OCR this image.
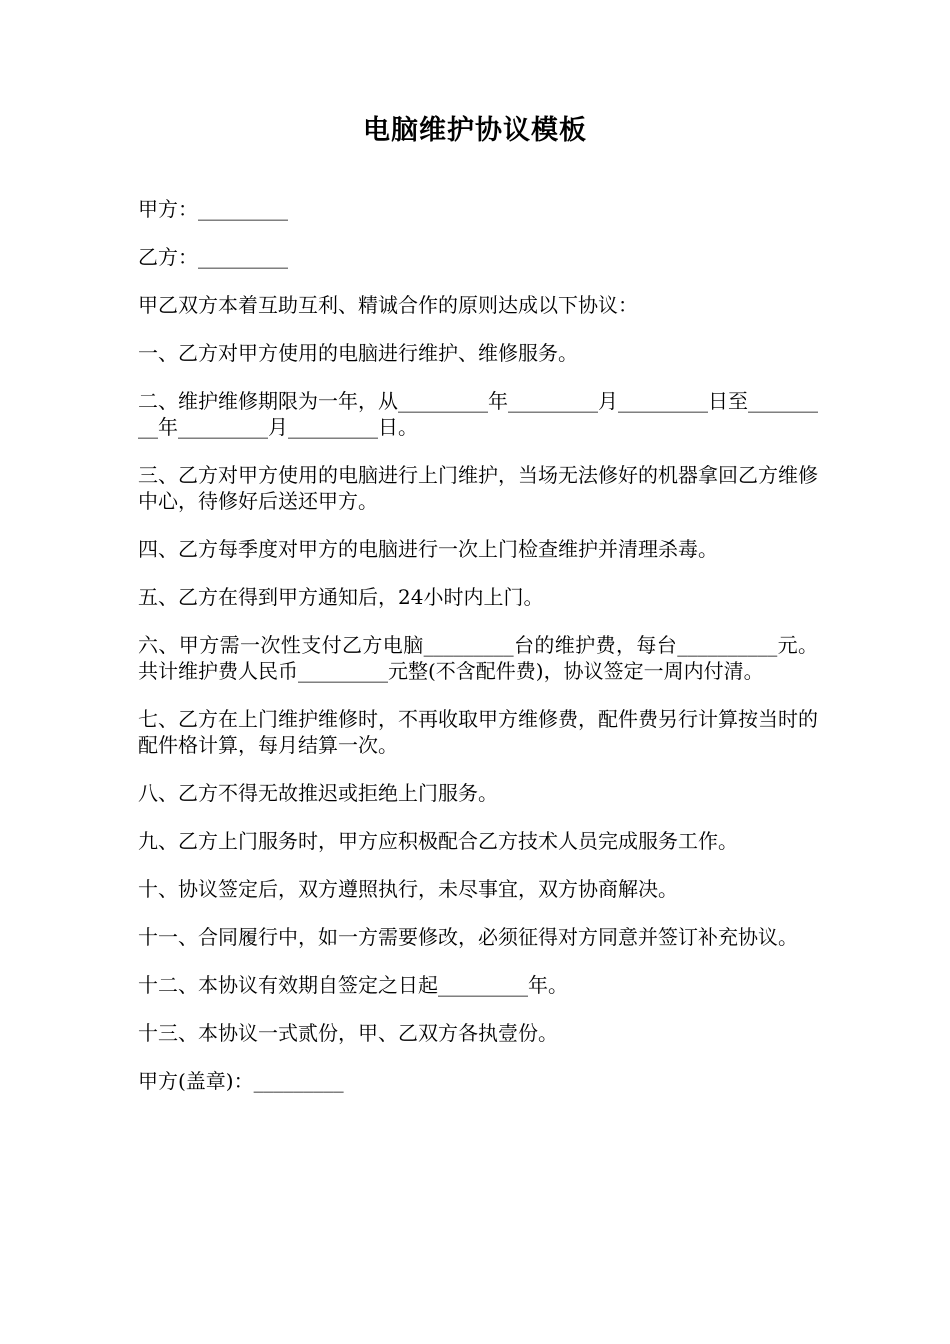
电脑维护协议模板

甲方：_________

乙方：_________

甲乙双方本着互助互利、精诚合作的原则达成以下协议：

一、乙方对甲方使用的电脑进行维护、维修服务。

二、维护维修期限为一年，从_________年_________月_________日至_________年_________月_________日。

三、乙方对甲方使用的电脑进行上门维护，当场无法修好的机器拿回乙方维修中心，待修好后送还甲方。

四、乙方每季度对甲方的电脑进行一次上门检查维护并清理杀毒。

五、乙方在得到甲方通知后，24小时内上门。

六、甲方需一次性支付乙方电脑_________台的维护费，每台__________元。共计维护费人民币_________元整(不含配件费)，协议签定一周内付清。

七、乙方在上门维护维修时，不再收取甲方维修费，配件费另行计算按当时的配件格计算，每月结算一次。

八、乙方不得无故推迟或拒绝上门服务。

九、乙方上门服务时，甲方应积极配合乙方技术人员完成服务工作。

十、协议签定后，双方遵照执行，未尽事宜，双方协商解决。

十一、合同履行中，如一方需要修改，必须征得对方同意并签订补充协议。

十二、本协议有效期自签定之日起_________年。

十三、本协议一式贰份，甲、乙双方各执壹份。

甲方(盖章)：_________
